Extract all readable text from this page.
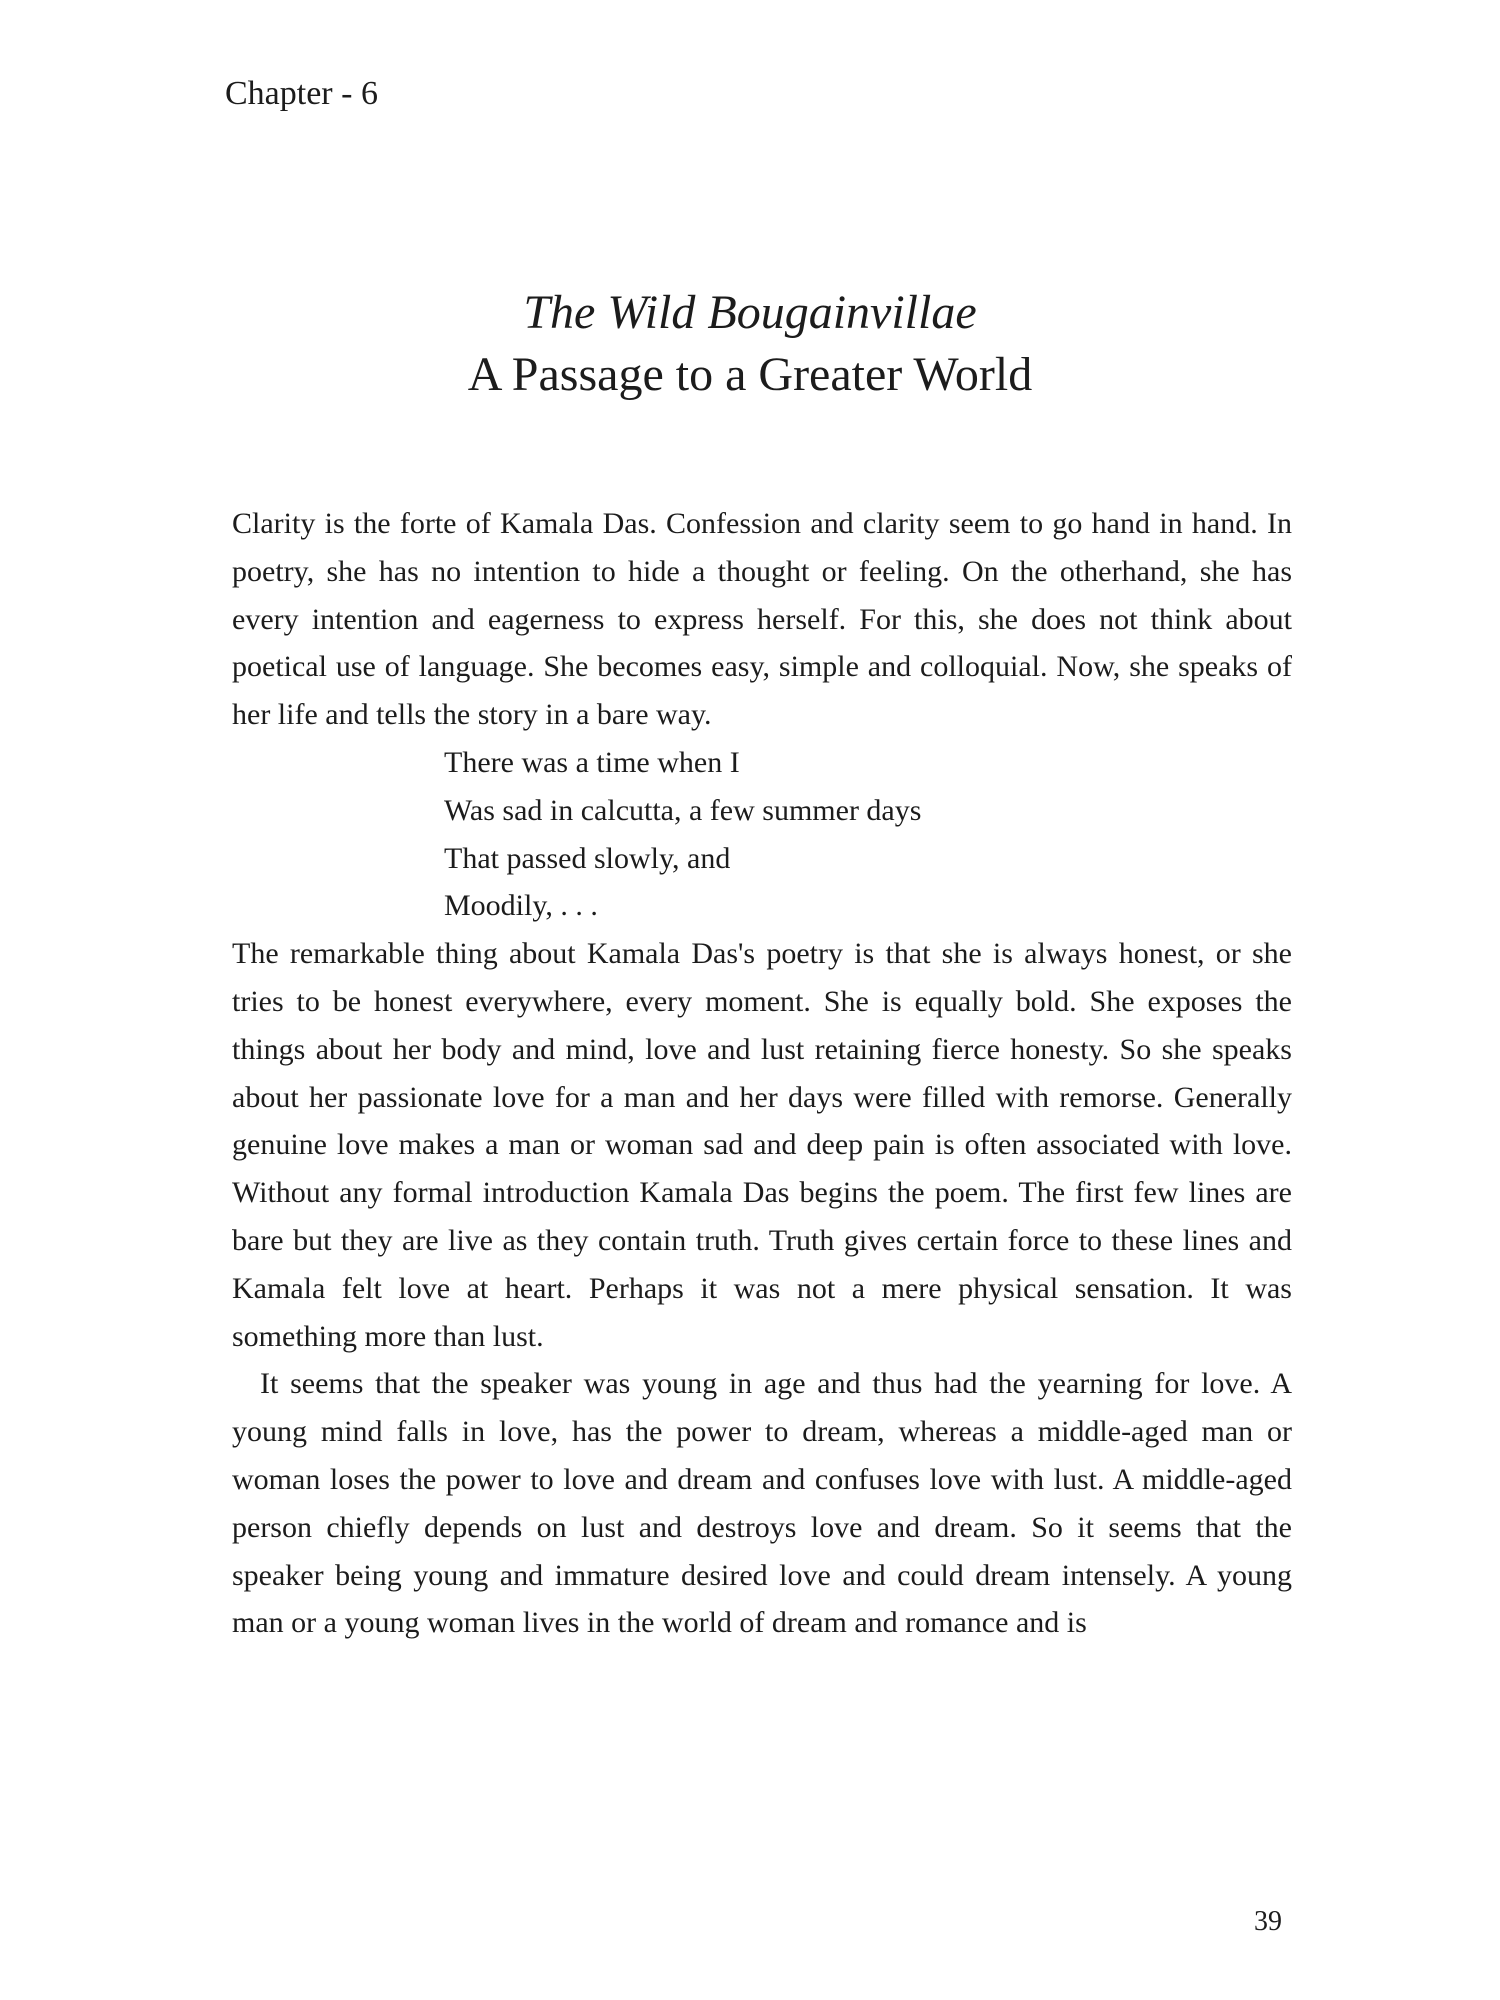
Chapter - 6
The Wild Bougainvillae
A Passage to a Greater World

Clarity is the forte of Kamala Das. Confession and clarity seem to go hand in hand. In poetry, she has no intention to hide a thought or feeling. On the otherhand, she has every intention and eagerness to express herself. For this, she does not think about poetical use of language. She becomes easy, simple and colloquial. Now, she speaks of her life and tells the story in a bare way.

There was a time when I
Was sad in calcutta, a few summer days
That passed slowly, and
Moodily, . . .

The remarkable thing about Kamala Das's poetry is that she is always honest, or she tries to be honest everywhere, every moment. She is equally bold. She exposes the things about her body and mind, love and lust retaining fierce honesty. So she speaks about her passionate love for a man and her days were filled with remorse. Generally genuine love makes a man or woman sad and deep pain is often associated with love. Without any formal introduction Kamala Das begins the poem. The first few lines are bare but they are live as they contain truth. Truth gives certain force to these lines and Kamala felt love at heart. Perhaps it was not a mere physical sensation. It was something more than lust.

It seems that the speaker was young in age and thus had the yearning for love. A young mind falls in love, has the power to dream, whereas a middle-aged man or woman loses the power to love and dream and confuses love with lust. A middle-aged person chiefly depends on lust and destroys love and dream. So it seems that the speaker being young and immature desired love and could dream intensely. A young man or a young woman lives in the world of dream and romance and is

39
